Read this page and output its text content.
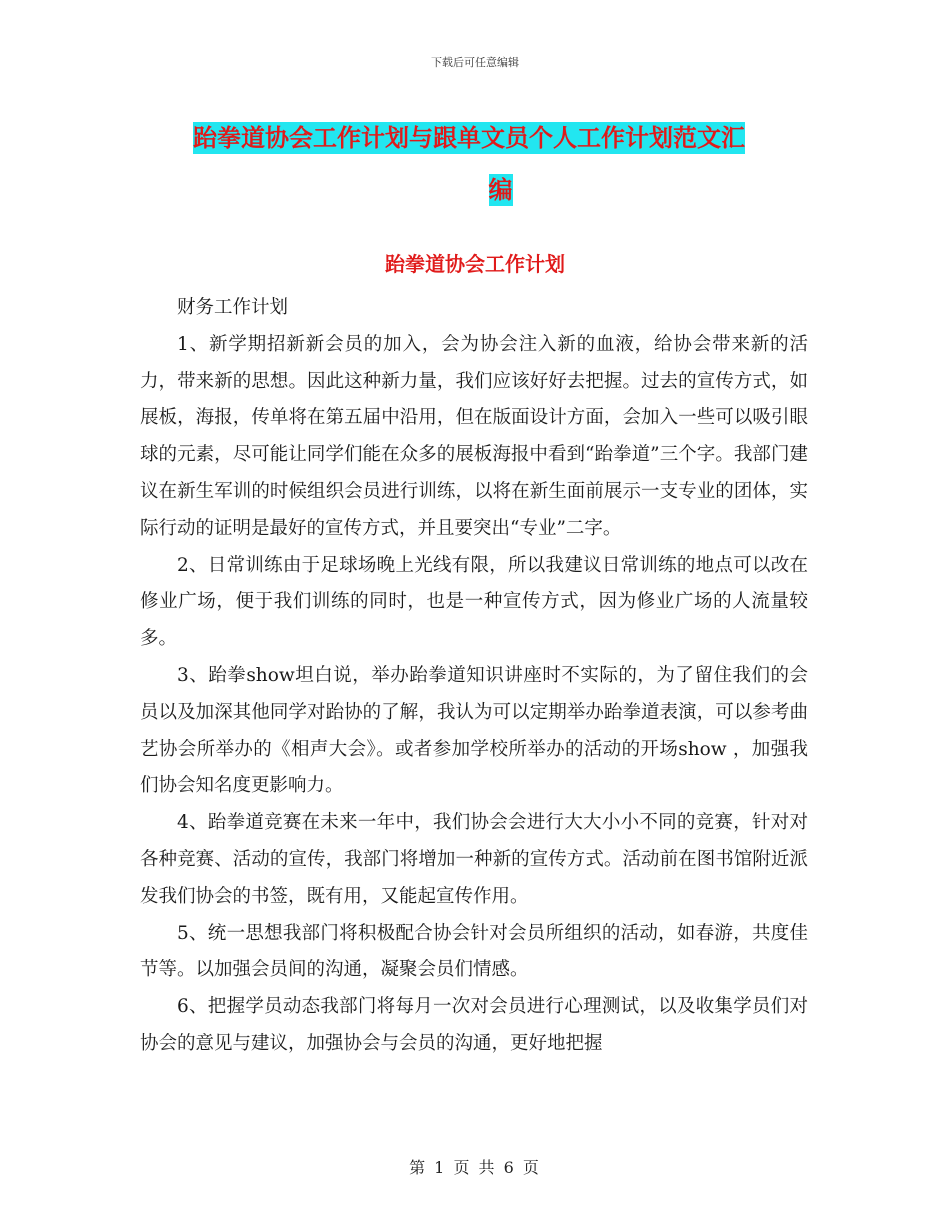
下载后可任意编辑
跆拳道协会工作计划与跟单文员个人工作计划范文汇
编
跆拳道协会工作计划

财务工作计划

1、新学期招新新会员的加入，会为协会注入新的血液，给协会带来新的活力，带来新的思想。因此这种新力量，我们应该好好去把握。过去的宣传方式，如展板，海报，传单将在第五届中沿用，但在版面设计方面，会加入一些可以吸引眼球的元素，尽可能让同学们能在众多的展板海报中看到“跆拳道”三个字。我部门建议在新生军训的时候组织会员进行训练，以将在新生面前展示一支专业的团体，实际行动的证明是最好的宣传方式，并且要突出“专业”二字。

2、日常训练由于足球场晚上光线有限，所以我建议日常训练的地点可以改在修业广场，便于我们训练的同时，也是一种宣传方式，因为修业广场的人流量较多。

3、跆拳show坦白说，举办跆拳道知识讲座时不实际的，为了留住我们的会员以及加深其他同学对跆协的了解，我认为可以定期举办跆拳道表演，可以参考曲艺协会所举办的《相声大会》。或者参加学校所举办的活动的开场show ，加强我们协会知名度更影响力。

4、跆拳道竞赛在未来一年中，我们协会会进行大大小小不同的竞赛，针对对各种竞赛、活动的宣传，我部门将增加一种新的宣传方式。活动前在图书馆附近派发我们协会的书签，既有用，又能起宣传作用。

5、统一思想我部门将积极配合协会针对会员所组织的活动，如春游，共度佳节等。以加强会员间的沟通，凝聚会员们情感。

6、把握学员动态我部门将每月一次对会员进行心理测试，以及收集学员们对协会的意见与建议，加强协会与会员的沟通，更好地把握

第 1 页 共 6 页
